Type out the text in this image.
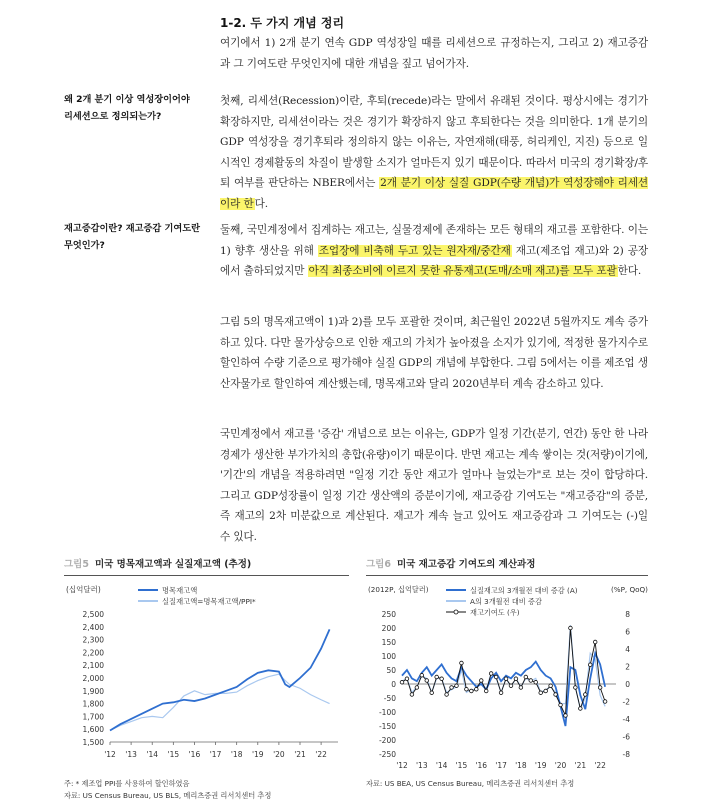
1-2. 두 가지 개념 정리
여기에서 1) 2개 분기 연속 GDP 역성장일 때를 리세션으로 규정하는지, 그리고 2) 재고증감과 그 기여도란 무엇인지에 대한 개념을 짚고 넘어가자.
왜 2개 분기 이상 역성장이어야
리세션으로 정의되는가?
첫째, 리세션(Recession)이란, 후퇴(recede)라는 말에서 유래된 것이다. 평상시에는 경기가 확장하지만, 리세션이라는 것은 경기가 확장하지 않고 후퇴한다는 것을 의미한다. 1개 분기의 GDP 역성장을 경기후퇴라 정의하지 않는 이유는, 자연재해(태풍, 허리케인, 지진) 등으로 일시적인 경제활동의 차질이 발생할 소지가 얼마든지 있기 때문이다. 따라서 미국의 경기확장/후퇴 여부를 판단하는 NBER에서는 2개 분기 이상 실질 GDP(수량 개념)가 역성장해야 리세션이라 한다.
재고증감이란? 재고증감 기여도란
무엇인가?
둘째, 국민계정에서 집계하는 재고는, 실물경제에 존재하는 모든 형태의 재고를 포함한다. 이는 1) 향후 생산을 위해 조업장에 비축해 두고 있는 원자재/중간재 재고(제조업 재고)와 2) 공장에서 출하되었지만 아직 최종소비에 이르지 못한 유통재고(도매/소매 재고)를 모두 포괄한다.
그림 5의 명목재고액이 1)과 2)를 모두 포괄한 것이며, 최근월인 2022년 5월까지도 계속 증가하고 있다. 다만 물가상승으로 인한 재고의 가치가 높아졌을 소지가 있기에, 적정한 물가지수로 할인하여 수량 기준으로 평가해야 실질 GDP의 개념에 부합한다. 그림 5에서는 이를 제조업 생산자물가로 할인하여 계산했는데, 명목재고와 달리 2020년부터 계속 감소하고 있다.
국민계정에서 재고를 '증감' 개념으로 보는 이유는, GDP가 일정 기간(분기, 연간) 동안 한 나라 경제가 생산한 부가가치의 총합(유량)이기 때문이다. 반면 재고는 계속 쌓이는 것(저량)이기에, '기간'의 개념을 적용하려면 "일정 기간 동안 재고가 얼마나 늘었는가"로 보는 것이 합당하다. 그리고 GDP성장률이 일정 기간 생산액의 증분이기에, 재고증감 기여도는 "재고증감"의 증분, 즉 재고의 2차 미분값으로 계산된다. 재고가 계속 늘고 있어도 재고증감과 그 기여도는 (-)일 수 있다.
그림5 미국 명목재고액과 실질재고액 (추정)
(십억달러)
1,500
1,600
1,700
1,800
1,900
2,000
2,100
2,200
2,300
2,400
2,500
'12 '13 '14 '15 '16 '17 '18 '19 '20 '21 '22
명목재고액
실질재고액=명목재고액/PPI*
주: * 제조업 PPI를 사용하여 할인하였음
자료: US Census Bureau, US BLS, 메리츠증권 리서치센터 추정
그림6 미국 재고증감 기여도의 계산과정
(2012P, 십억달러)	(%P, QoQ)
-250
-200
-150
-100
-50
0
50
100
150
200
250
-8
-6
-4
-2
0
2
4
6
8
'12 '13 '14 '15 '16 '17 '18 '19 '20 '21 '22
실질재고의 3개월전 대비 증감 (A)
A의 3개월전 대비 증감
재고기여도 (우)
자료: US BEA, US Census Bureau, 메리츠증권 리서치센터 추정
